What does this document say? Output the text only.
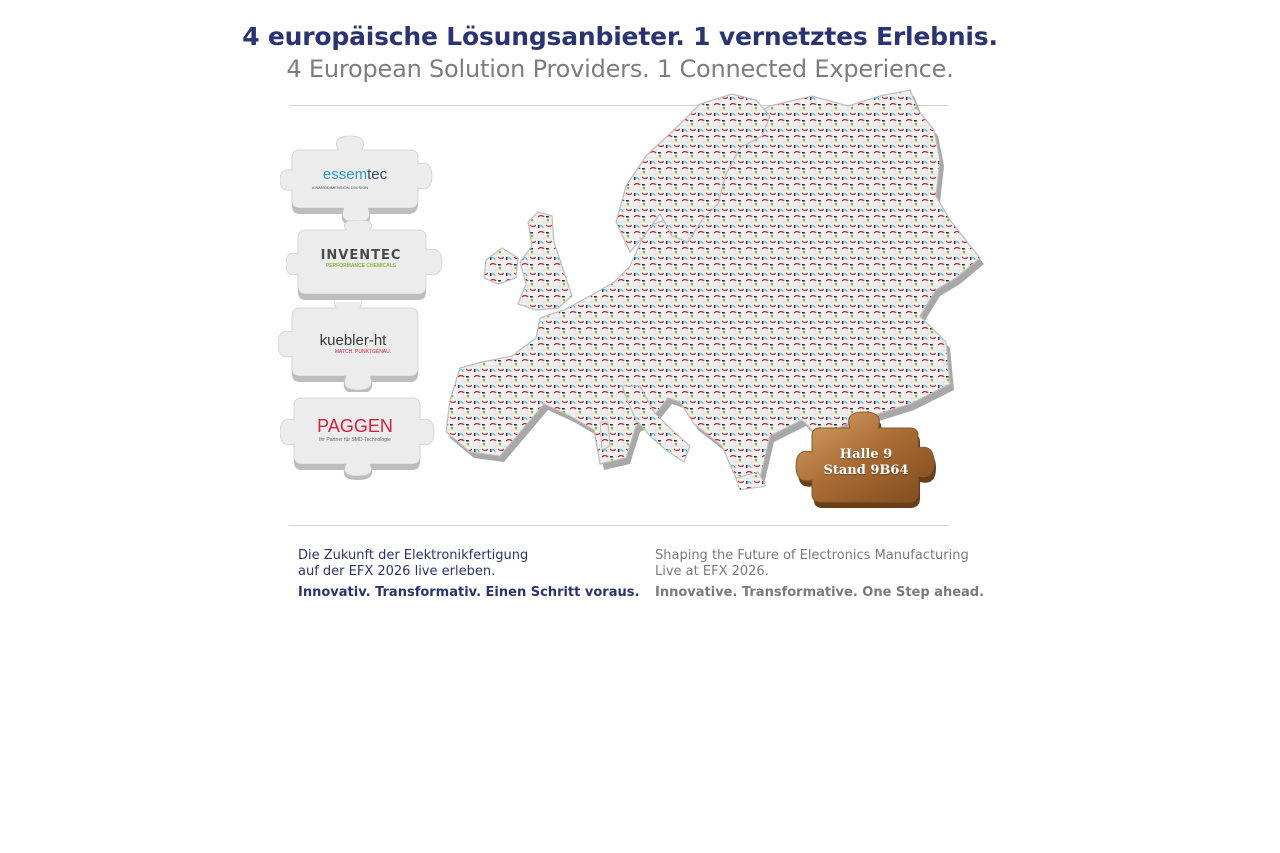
4 europäische Lösungsanbieter. 1 vernetztes Erlebnis.
4 European Solution Providers. 1 Connected Experience.
essemtec
A NANODIMENSION DIVISION
INVENTEC
PERFORMANCE CHEMICALS
kuebler-ht
MATCH. PUNKTGENAU.
PAGGEN
Ihr Partner für SMD-Technologie
Halle 9
Stand 9B64
Die Zukunft der Elektronikfertigung
auf der EFX 2026 live erleben.
Innovativ. Transformativ. Einen Schritt voraus.
Shaping the Future of Electronics Manufacturing
Live at EFX 2026.
Innovative. Transformative. One Step ahead.
